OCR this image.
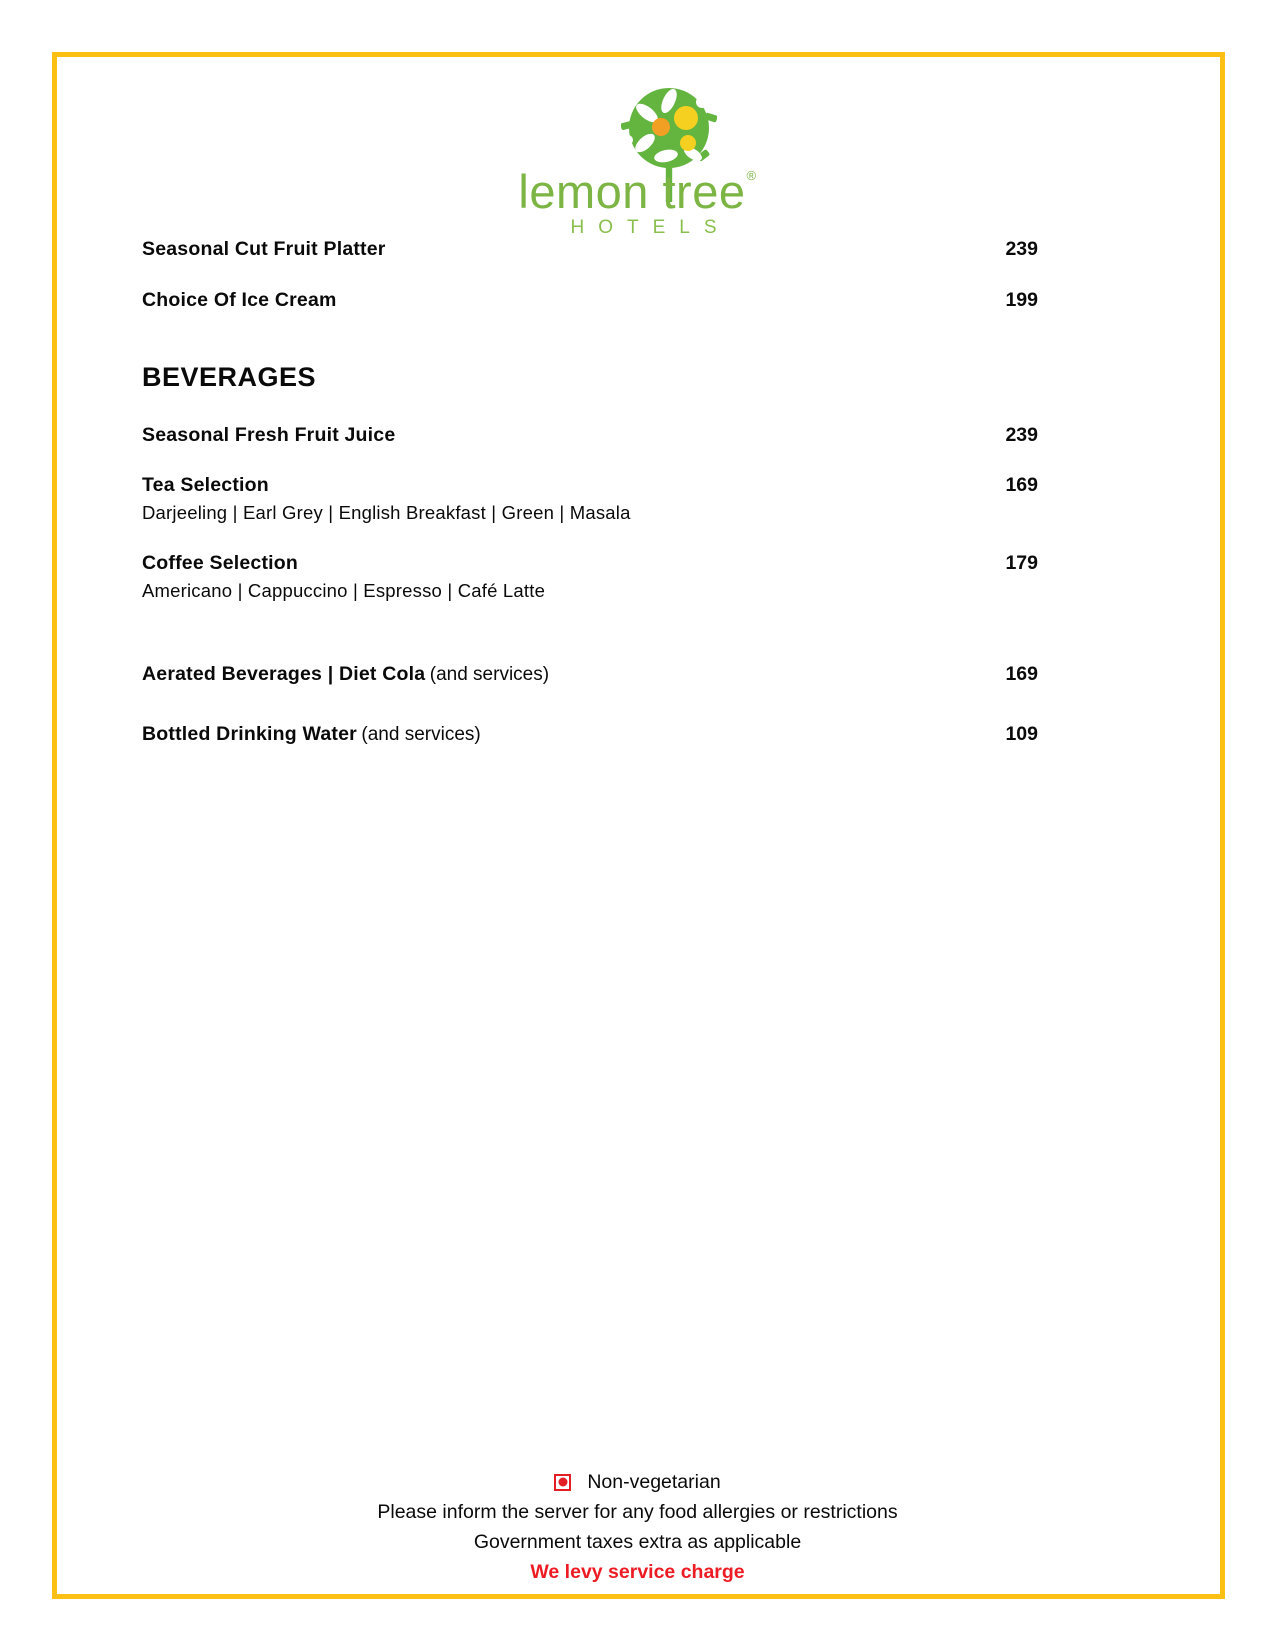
lemon tree®
HOTELS
Seasonal Cut Fruit Platter	239
Choice Of Ice Cream	199
BEVERAGES
Seasonal Fresh Fruit Juice	239
Tea Selection	169
Darjeeling | Earl Grey | English Breakfast | Green | Masala
Coffee Selection	179
Americano | Cappuccino | Espresso | Café Latte
Aerated Beverages | Diet Cola (and services)	169
Bottled Drinking Water (and services)	109
Non-vegetarian
Please inform the server for any food allergies or restrictions
Government taxes extra as applicable
We levy service charge
